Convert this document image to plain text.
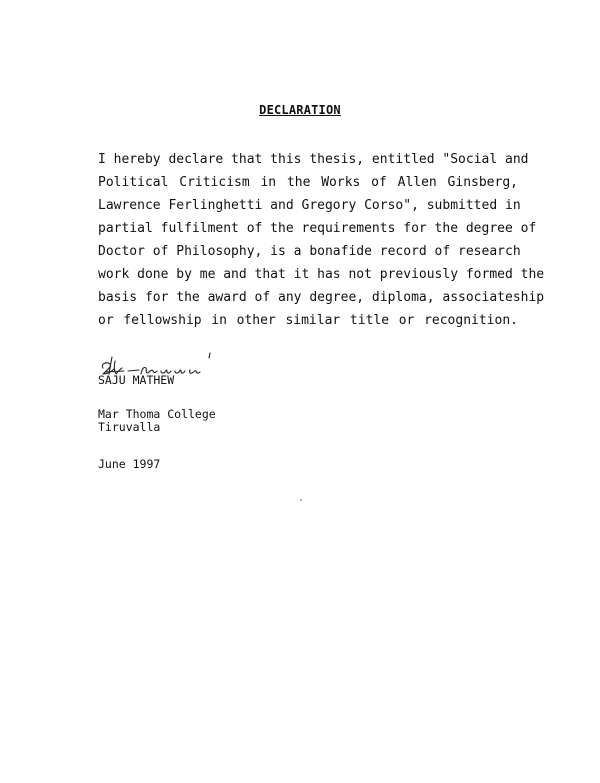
DECLARATION
I hereby declare that this thesis, entitled "Social and
Political Criticism in the Works of Allen Ginsberg,
Lawrence Ferlinghetti and Gregory Corso", submitted in
partial fulfilment of the requirements for the degree of
Doctor of Philosophy, is a bonafide record of research
work done by me and that it has not previously formed the
basis for the award of any degree, diploma, associateship
or fellowship in other similar title or recognition.
SAJU MATHEW
Mar Thoma College
Tiruvalla
June 1997
